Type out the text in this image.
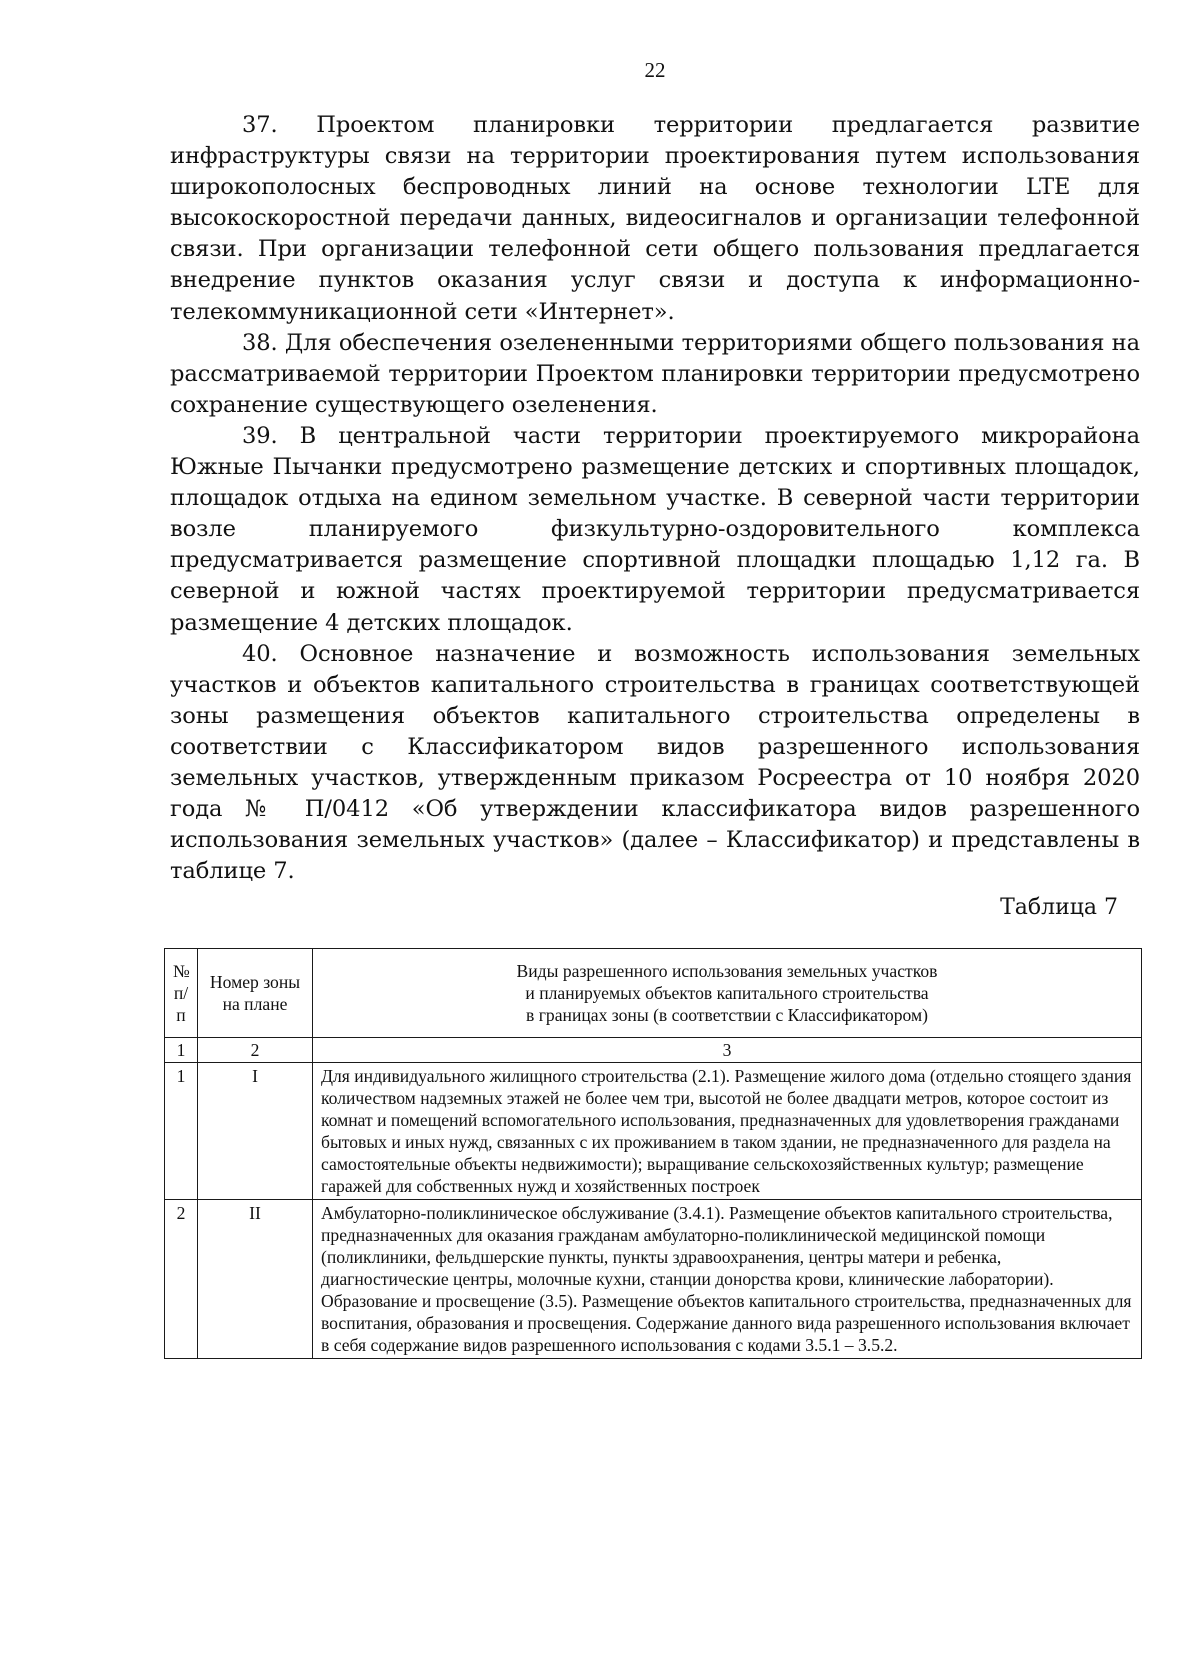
22

37. Проектом планировки территории предлагается развитие инфраструктуры связи на территории проектирования путем использования широкополосных беспроводных линий на основе технологии LTE для высокоскоростной передачи данных, видеосигналов и организации телефонной связи. При организации телефонной сети общего пользования предлагается внедрение пунктов оказания услуг связи и доступа к информационно-телекоммуникационной сети «Интернет».

38. Для обеспечения озелененными территориями общего пользования на рассматриваемой территории Проектом планировки территории предусмотрено сохранение существующего озеленения.

39. В центральной части территории проектируемого микрорайона Южные Пычанки предусмотрено размещение детских и спортивных площадок, площадок отдыха на едином земельном участке. В северной части территории возле планируемого физкультурно-оздоровительного комплекса предусматривается размещение спортивной площадки площадью 1,12 га. В северной и южной частях проектируемой территории предусматривается размещение 4 детских площадок.

40. Основное назначение и возможность использования земельных участков и объектов капитального строительства в границах соответствующей зоны размещения объектов капитального строительства определены в соответствии с Классификатором видов разрешенного использования земельных участков, утвержденным приказом Росреестра от 10 ноября 2020 года № П/0412 «Об утверждении классификатора видов разрешенного использования земельных участков» (далее – Классификатор) и представлены в таблице 7.

Таблица 7

№ п/п	Номер зоны на плане	Виды разрешенного использования земельных участков
и планируемых объектов капитального строительства
в границах зоны (в соответствии с Классификатором)

1	2	3
1	I	Для индивидуального жилищного строительства (2.1). Размещение жилого дома (отдельно стоящего здания количеством надземных этажей не более чем три, высотой не более двадцати метров, которое состоит из комнат и помещений вспомогательного использования, предназначенных для удовлетворения гражданами бытовых и иных нужд, связанных с их проживанием в таком здании, не предназначенного для раздела на самостоятельные объекты недвижимости); выращивание сельскохозяйственных культур; размещение гаражей для собственных нужд и хозяйственных построек

2	II	Амбулаторно-поликлиническое обслуживание (3.4.1). Размещение объектов капитального строительства, предназначенных для оказания гражданам амбулаторно-поликлинической медицинской помощи (поликлиники, фельдшерские пункты, пункты здравоохранения, центры матери и ребенка, диагностические центры, молочные кухни, станции донорства крови, клинические лаборатории).

Образование и просвещение (3.5). Размещение объектов капитального строительства, предназначенных для воспитания, образования и просвещения. Содержание данного вида разрешенного использования включает в себя содержание видов разрешенного использования с кодами 3.5.1 – 3.5.2.
